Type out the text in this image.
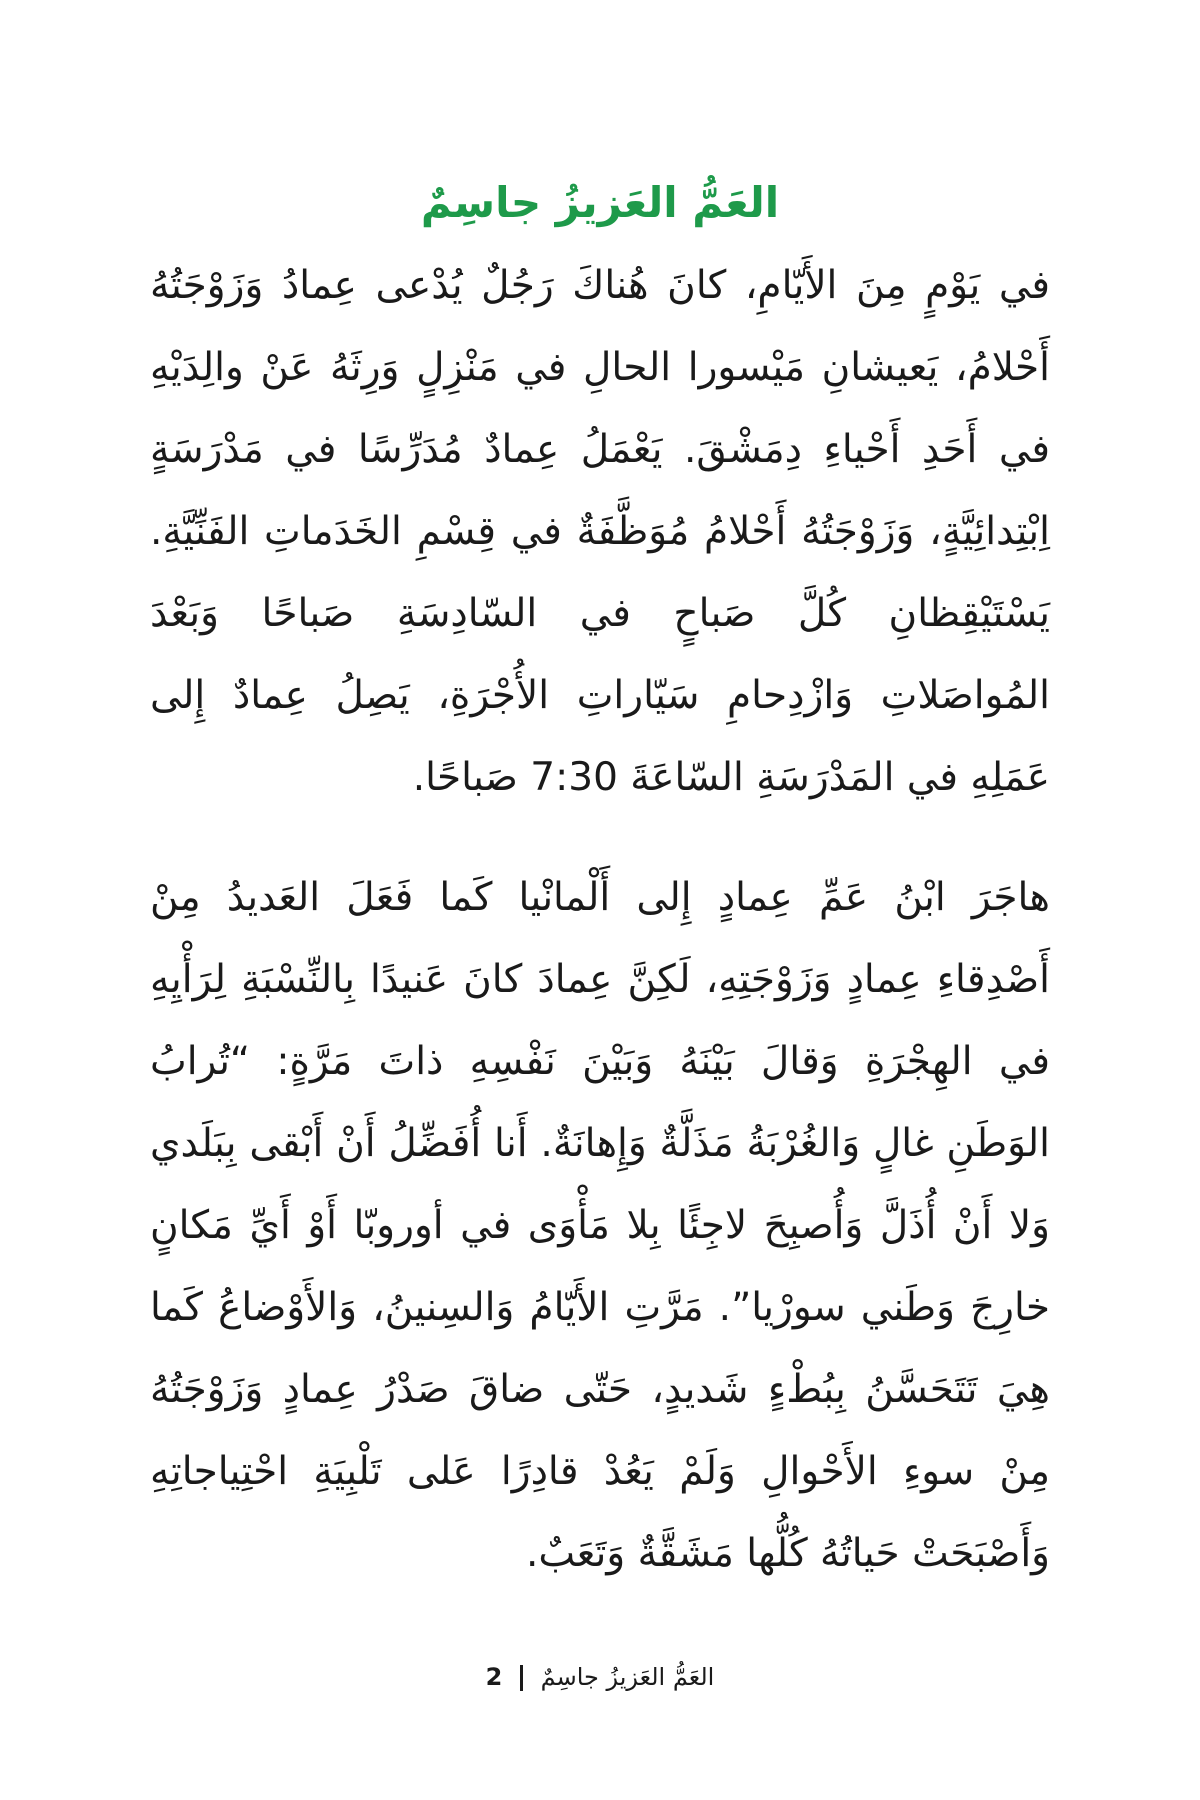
العَمُّ العَزيزُ جاسِمٌ

في يَوْمٍ مِنَ الأَيّامِ، كانَ هُناكَ رَجُلٌ يُدْعى عِمادُ وَزَوْجَتُهُ أَحْلامُ، يَعيشانِ مَيْسورا الحالِ في مَنْزِلٍ وَرِثَهُ عَنْ والِدَيْهِ في أَحَدِ أَحْياءِ دِمَشْقَ. يَعْمَلُ عِمادٌ مُدَرِّسًا في مَدْرَسَةٍ اِبْتِدائِيَّةٍ، وَزَوْجَتُهُ أَحْلامُ مُوَظَّفَةٌ في قِسْمِ الخَدَماتِ الفَنِّيَّةِ. يَسْتَيْقِظانِ كُلَّ صَباحٍ في السّادِسَةِ صَباحًا وَبَعْدَ المُواصَلاتِ وَازْدِحامِ سَيّاراتِ الأُجْرَةِ، يَصِلُ عِمادٌ إِلى عَمَلِهِ في المَدْرَسَةِ السّاعَةَ 7:30 صَباحًا.

هاجَرَ ابْنُ عَمِّ عِمادٍ إِلى أَلْمانْيا كَما فَعَلَ العَديدُ مِنْ أَصْدِقاءِ عِمادٍ وَزَوْجَتِهِ، لَكِنَّ عِمادَ كانَ عَنيدًا بِالنِّسْبَةِ لِرَأْيِهِ في الهِجْرَةِ وَقالَ بَيْنَهُ وَبَيْنَ نَفْسِهِ ذاتَ مَرَّةٍ: “تُرابُ الوَطَنِ غالٍ وَالغُرْبَةُ مَذَلَّةٌ وَإِهانَةٌ. أَنا أُفَضِّلُ أَنْ أَبْقى بِبَلَدي وَلا أَنْ أُذَلَّ وَأُصبِحَ لاجِئًا بِلا مَأْوَى في أوروبّا أَوْ أَيِّ مَكانٍ خارِجَ وَطَني سورْيا”. مَرَّتِ الأَيّامُ وَالسِنينُ، وَالأَوْضاعُ كَما هِيَ تَتَحَسَّنُ بِبُطْءٍ شَديدٍ، حَتّى ضاقَ صَدْرُ عِمادٍ وَزَوْجَتُهُ مِنْ سوءِ الأَحْوالِ وَلَمْ يَعُدْ قادِرًا عَلى تَلْبِيَةِ احْتِياجاتِهِ وَأَصْبَحَتْ حَياتُهُ كُلُّها مَشَقَّةٌ وَتَعَبٌ.

العَمُّ العَزيزُ جاسِمٌ  2
